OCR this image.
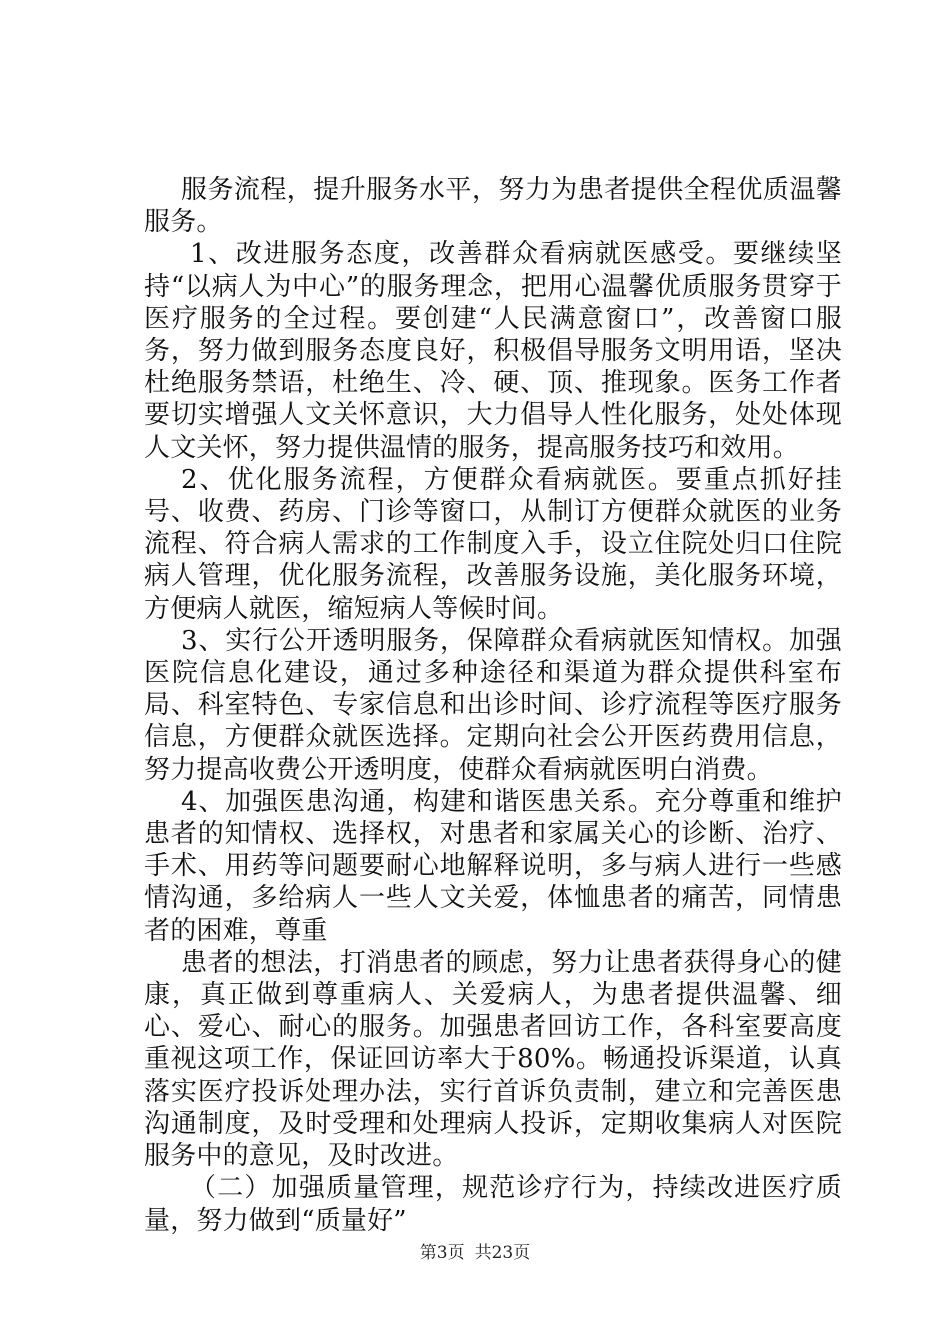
服务流程，提升服务水平，努力为患者提供全程优质温馨服务。

1、改进服务态度，改善群众看病就医感受。要继续坚持“以病人为中心”的服务理念，把用心温馨优质服务贯穿于医疗服务的全过程。要创建“人民满意窗口”，改善窗口服务，努力做到服务态度良好，积极倡导服务文明用语，坚决杜绝服务禁语，杜绝生、冷、硬、顶、推现象。医务工作者要切实增强人文关怀意识，大力倡导人性化服务，处处体现人文关怀，努力提供温情的服务，提高服务技巧和效用。

2、优化服务流程，方便群众看病就医。要重点抓好挂号、收费、药房、门诊等窗口，从制订方便群众就医的业务流程、符合病人需求的工作制度入手，设立住院处归口住院病人管理，优化服务流程，改善服务设施，美化服务环境，方便病人就医，缩短病人等候时间。

3、实行公开透明服务，保障群众看病就医知情权。加强医院信息化建设，通过多种途径和渠道为群众提供科室布局、科室特色、专家信息和出诊时间、诊疗流程等医疗服务信息，方便群众就医选择。定期向社会公开医药费用信息，努力提高收费公开透明度，使群众看病就医明白消费。

4、加强医患沟通，构建和谐医患关系。充分尊重和维护患者的知情权、选择权，对患者和家属关心的诊断、治疗、手术、用药等问题要耐心地解释说明，多与病人进行一些感情沟通，多给病人一些人文关爱，体恤患者的痛苦，同情患者的困难，尊重

患者的想法，打消患者的顾虑，努力让患者获得身心的健康，真正做到尊重病人、关爱病人，为患者提供温馨、细心、爱心、耐心的服务。加强患者回访工作，各科室要高度重视这项工作，保证回访率大于80%。畅通投诉渠道，认真落实医疗投诉处理办法，实行首诉负责制，建立和完善医患沟通制度，及时受理和处理病人投诉，定期收集病人对医院服务中的意见，及时改进。

（二）加强质量管理，规范诊疗行为，持续改进医疗质量，努力做到“质量好”

第3页 共23页
